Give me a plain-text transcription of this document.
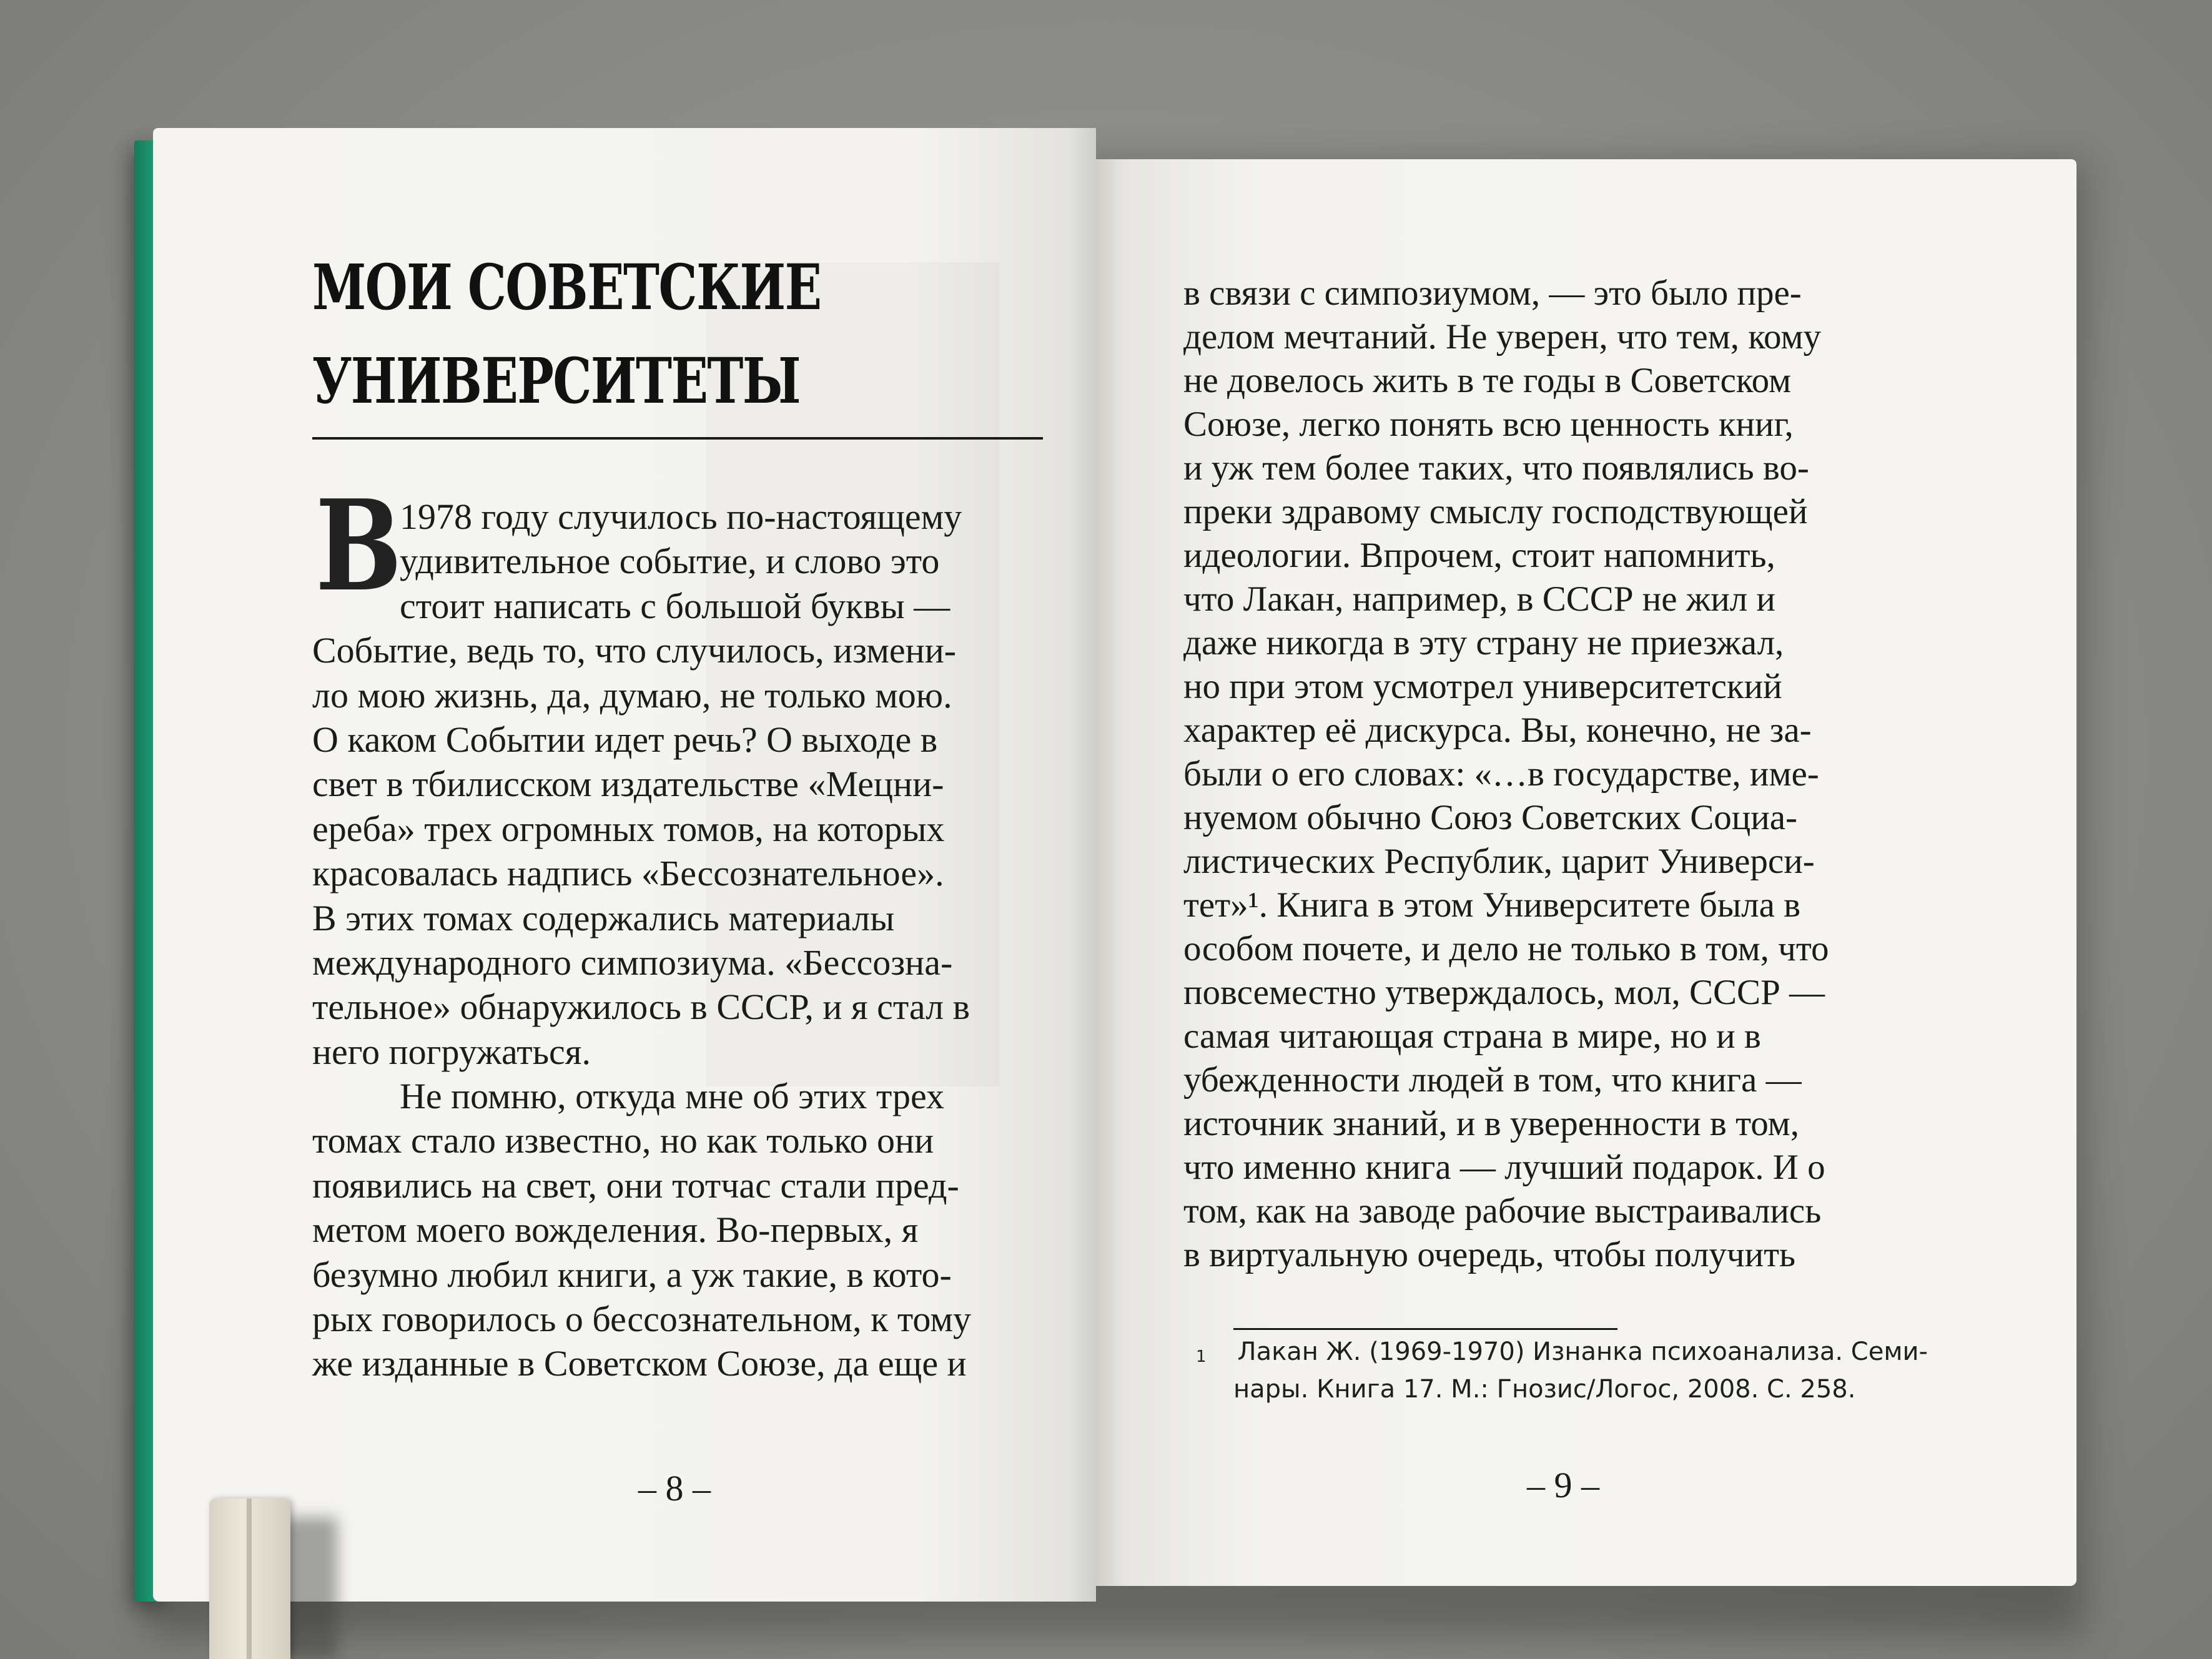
МОИ СОВЕТСКИЕ
УНИВЕРСИТЕТЫ
В
1978 году случилось по-настоящему
удивительное событие, и слово это
стоит написать с большой буквы —
Событие, ведь то, что случилось, измени-
ло мою жизнь, да, думаю, не только мою.
О каком Событии идет речь? О выходе в
свет в тбилисском издательстве «Мецни-
ереба» трех огромных томов, на которых
красовалась надпись «Бессознательное».
В этих томах содержались материалы
международного симпозиума. «Бессозна-
тельное» обнаружилось в СССР, и я стал в
него погружаться.
Не помню, откуда мне об этих трех
томах стало известно, но как только они
появились на свет, они тотчас стали пред-
метом моего вожделения. Во-первых, я
безумно любил книги, а уж такие, в кото-
рых говорилось о бессознательном, к тому
же изданные в Советском Союзе, да еще и
– 8 –
в связи с симпозиумом, — это было пре-
делом мечтаний. Не уверен, что тем, кому
не довелось жить в те годы в Советском
Союзе, легко понять всю ценность книг,
и уж тем более таких, что появлялись во-
преки здравому смыслу господствующей
идеологии. Впрочем, стоит напомнить,
что Лакан, например, в СССР не жил и
даже никогда в эту страну не приезжал,
но при этом усмотрел университетский
характер её дискурса. Вы, конечно, не за-
были о его словах: «…в государстве, име-
нуемом обычно Союз Советских Социа-
листических Республик, царит Универси-
тет»¹. Книга в этом Университете была в
особом почете, и дело не только в том, что
повсеместно утверждалось, мол, СССР —
самая читающая страна в мире, но и в
убежденности людей в том, что книга —
источник знаний, и в уверенности в том,
что именно книга — лучший подарок. И о
том, как на заводе рабочие выстраивались
в виртуальную очередь, чтобы получить
$^1$ Лакан Ж. (1969-1970) Изнанка психоанализа. Семи-
нары. Книга 17. М.: Гнозис/Логос, 2008. С. 258.
– 9 –
